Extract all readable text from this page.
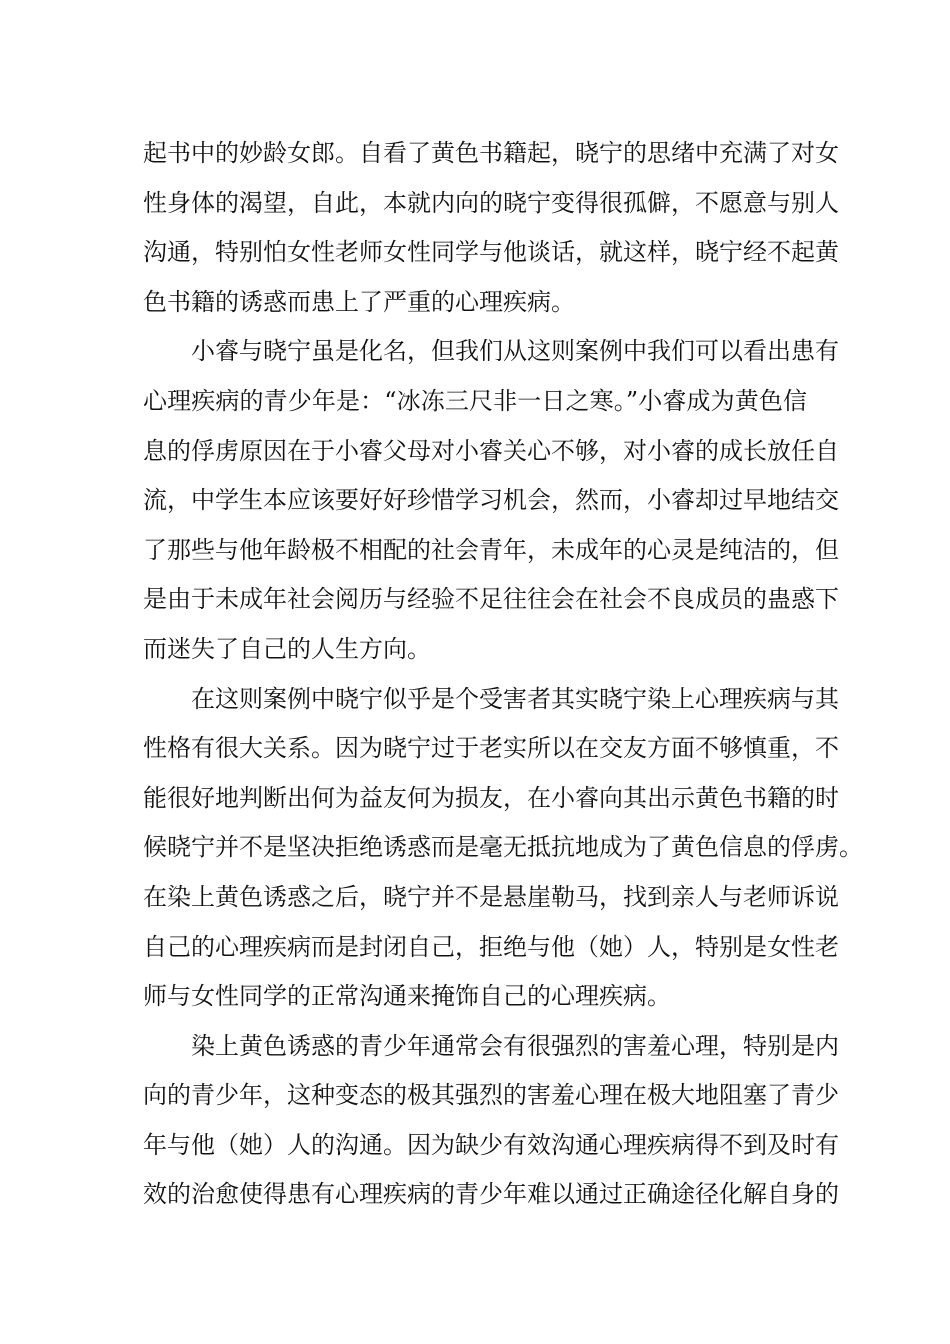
起书中的妙龄女郎。自看了黄色书籍起，晓宁的思绪中充满了对女
性身体的渴望，自此，本就内向的晓宁变得很孤僻，不愿意与别人
沟通，特别怕女性老师女性同学与他谈话，就这样，晓宁经不起黄
色书籍的诱惑而患上了严重的心理疾病。
小睿与晓宁虽是化名，但我们从这则案例中我们可以看出患有
心理疾病的青少年是：“冰冻三尺非一日之寒。”小睿成为黄色信
息的俘虏原因在于小睿父母对小睿关心不够，对小睿的成长放任自
流，中学生本应该要好好珍惜学习机会，然而，小睿却过早地结交
了那些与他年龄极不相配的社会青年，未成年的心灵是纯洁的，但
是由于未成年社会阅历与经验不足往往会在社会不良成员的蛊惑下
而迷失了自己的人生方向。
在这则案例中晓宁似乎是个受害者其实晓宁染上心理疾病与其
性格有很大关系。因为晓宁过于老实所以在交友方面不够慎重，不
能很好地判断出何为益友何为损友，在小睿向其出示黄色书籍的时
候晓宁并不是坚决拒绝诱惑而是毫无抵抗地成为了黄色信息的俘虏。
在染上黄色诱惑之后，晓宁并不是悬崖勒马，找到亲人与老师诉说
自己的心理疾病而是封闭自己，拒绝与他（她）人，特别是女性老
师与女性同学的正常沟通来掩饰自己的心理疾病。
染上黄色诱惑的青少年通常会有很强烈的害羞心理，特别是内
向的青少年，这种变态的极其强烈的害羞心理在极大地阻塞了青少
年与他（她）人的沟通。因为缺少有效沟通心理疾病得不到及时有
效的治愈使得患有心理疾病的青少年难以通过正确途径化解自身的
